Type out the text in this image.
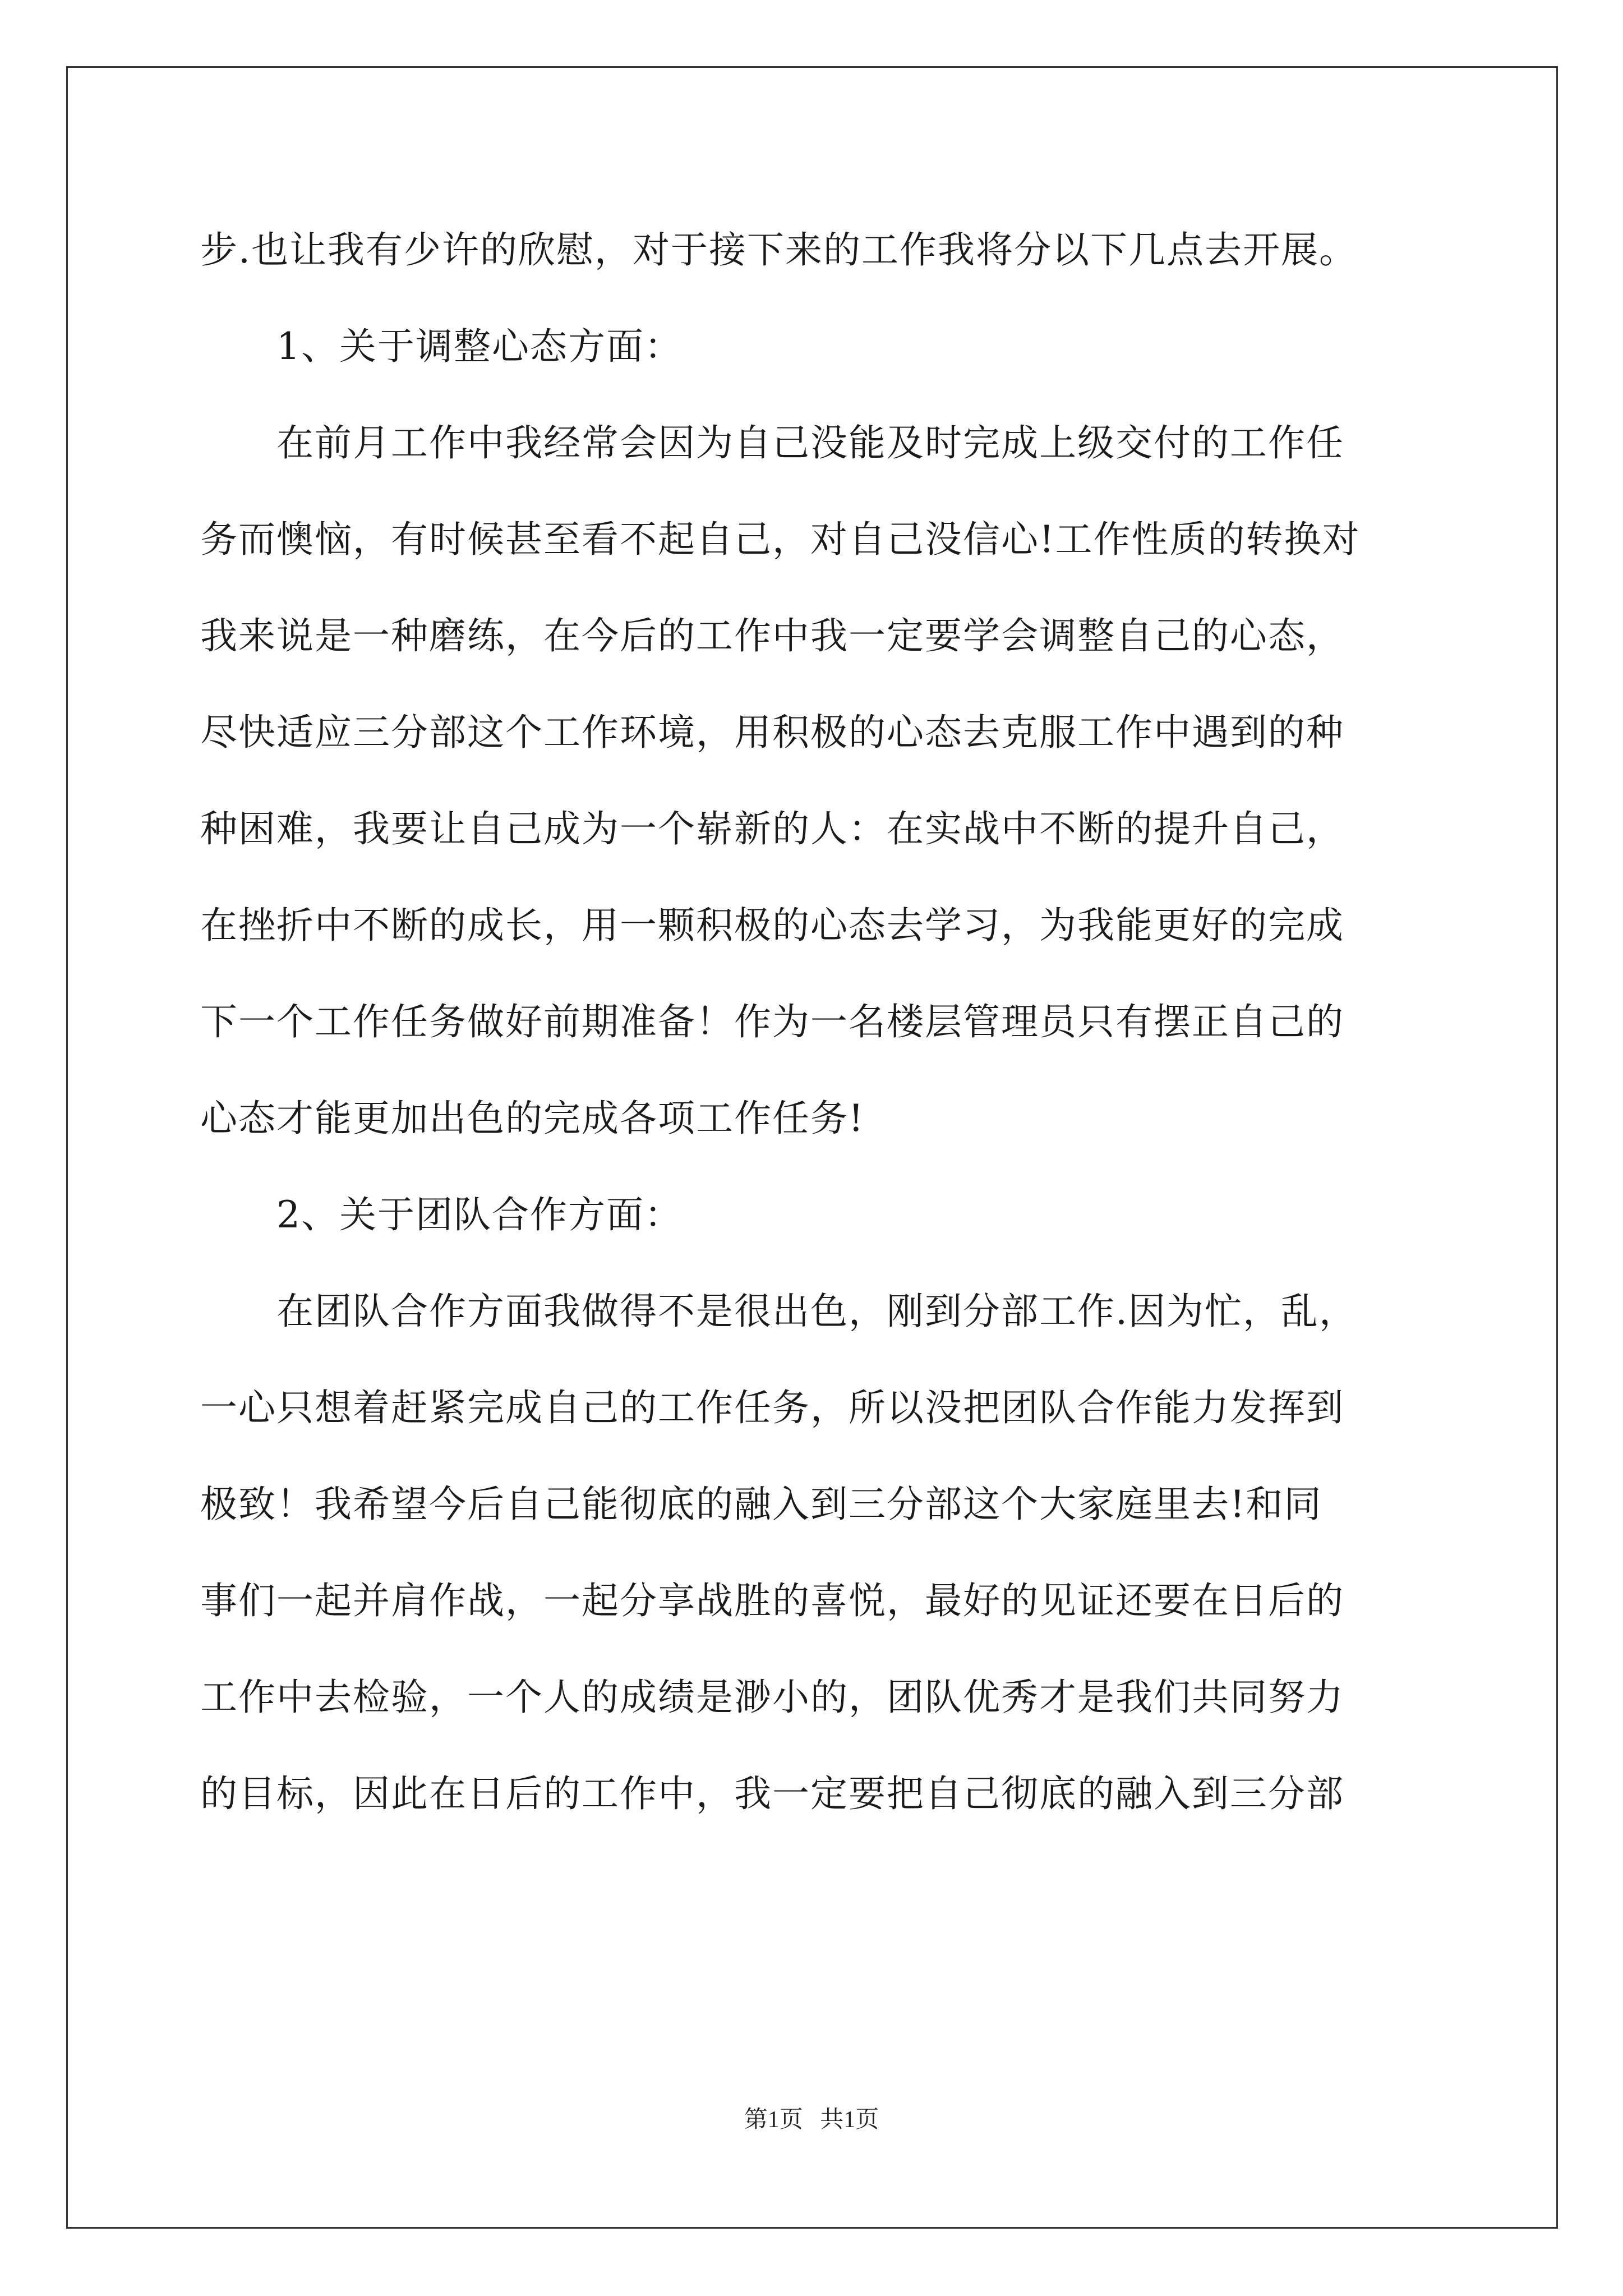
步.也让我有少许的欣慰，对于接下来的工作我将分以下几点去开展。
1、关于调整心态方面：
在前月工作中我经常会因为自己没能及时完成上级交付的工作任
务而懊恼，有时候甚至看不起自己，对自己没信心!工作性质的转换对
我来说是一种磨练，在今后的工作中我一定要学会调整自己的心态，
尽快适应三分部这个工作环境，用积极的心态去克服工作中遇到的种
种困难，我要让自己成为一个崭新的人：在实战中不断的提升自己，
在挫折中不断的成长，用一颗积极的心态去学习，为我能更好的完成
下一个工作任务做好前期准备！作为一名楼层管理员只有摆正自己的
心态才能更加出色的完成各项工作任务!
2、关于团队合作方面：
在团队合作方面我做得不是很出色，刚到分部工作.因为忙，乱，
一心只想着赶紧完成自己的工作任务，所以没把团队合作能力发挥到
极致！我希望今后自己能彻底的融入到三分部这个大家庭里去!和同
事们一起并肩作战，一起分享战胜的喜悦，最好的见证还要在日后的
工作中去检验，一个人的成绩是渺小的，团队优秀才是我们共同努力
的目标，因此在日后的工作中，我一定要把自己彻底的融入到三分部
第1页 共1页
